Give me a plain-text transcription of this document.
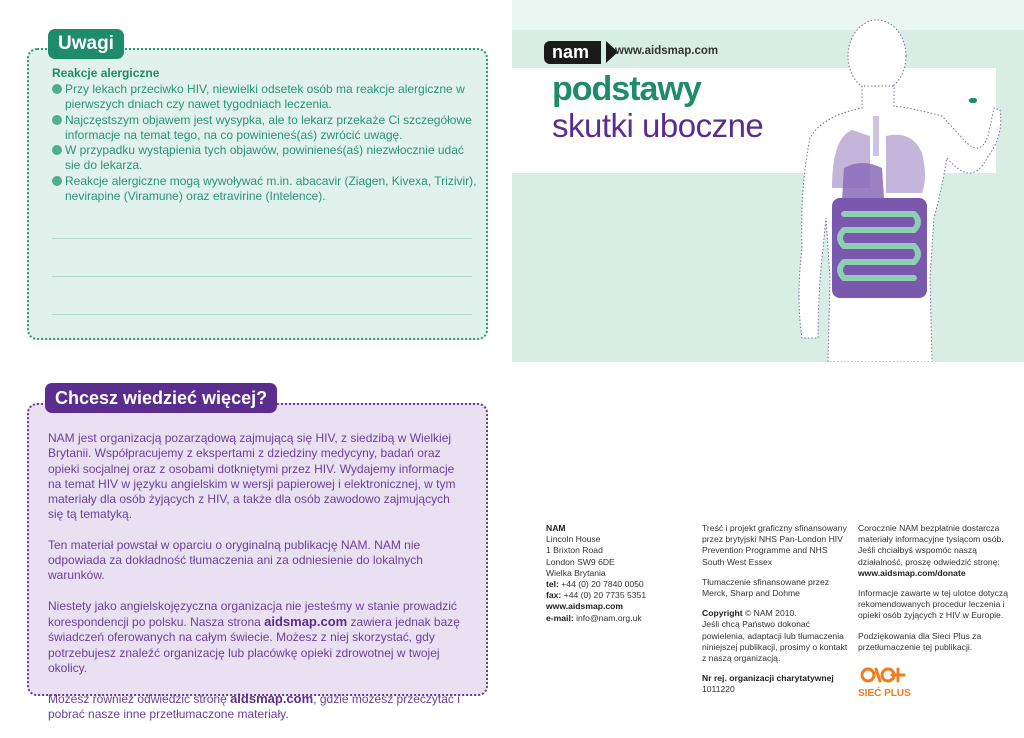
Uwagi
Reakcje alergiczne
Przy lekach przeciwko HIV, niewielki odsetek osób ma reakcje alergiczne w pierwszych dniach czy nawet tygodniach leczenia.
Najczęstszym objawem jest wysypka, ale to lekarz przekaże Ci szczegółowe informacje na temat tego, na co powinieneś(aś) zwrócić uwagę.
W przypadku wystąpienia tych objawów, powinieneś(aś) niezwłocznie udać sie do lekarza.
Reakcje alergiczne mogą wywoływać m.in. abacavir (Ziagen, Kivexa, Trizivir), nevirapine (Viramune) oraz etravirine (Intelence).
Chcesz wiedzieć więcej?

NAM jest organizacją pozarządową zajmującą się HIV, z siedzibą w Wielkiej Brytanii. Współpracujemy z ekspertami z dziedziny medycyny, badań oraz opieki socjalnej oraz z osobami dotkniętymi przez HIV. Wydajemy informacje na temat HIV w języku angielskim w wersji papierowej i elektronicznej, w tym materiały dla osób żyjących z HIV, a także dla osób zawodowo zajmujących się tą tematyką.

Ten materiał powstał w oparciu o oryginalną publikację NAM. NAM nie odpowiada za dokładność tłumaczenia ani za odniesienie do lokalnych warunków.

Niestety jako angielskojęzyczna organizacja nie jesteśmy w stanie prowadzić korespondencji po polsku. Nasza strona aidsmap.com zawiera jednak bazę świadczeń oferowanych na całym świecie. Możesz z niej skorzystać, gdy potrzebujesz znaleźć organizację lub placówkę opieki zdrowotnej w twojej okolicy.

Możesz również odwiedzić stronę aidsmap.com, gdzie możesz przeczytać i pobrać nasze inne przetłumaczone materiały.

nam	www.aidsmap.com
podstawy
skutki uboczne
NAM
Lincoln House
1 Brixton Road
London SW9 6DE
Wielka Brytania
tel: +44 (0) 20 7840 0050
fax: +44 (0) 20 7735 5351
www.aidsmap.com
e-mail: info@nam.org.uk

Treść i projekt graficzny sfinansowany przez brytyjski NHS Pan-London HIV Prevention Programme and NHS South West Essex

Tłumaczenie sfinansowane przez Merck, Sharp and Dohme

Copyright © NAM 2010.

Jeśli chcą Państwo dokonać powielenia, adaptacji lub tłumaczenia niniejszej publikacji, prosimy o kontakt z naszą organizacją.

Nr rej. organizacji charytatywnej
1011220
Corocznie NAM bezpłatnie dostarcza materiały informacyjne tysiącom osób. Jeśli chciałbyś wspomóc naszą działalność, proszę odwiedzić stronę:

www.aidsmap.com/donate

Informacje zawarte w tej ulotce dotyczą rekomendowanych procedur leczenia i opieki osób żyjących z HIV w Europie.

Podziękowania dla Sieci Plus za przetłumaczenie tej publikacji.

SIEĆ PLUS
